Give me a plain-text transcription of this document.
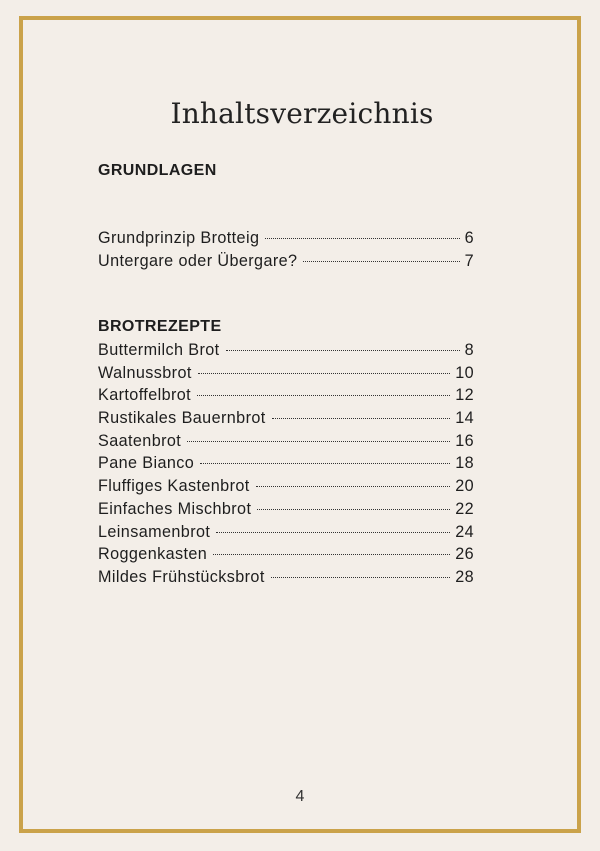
Inhaltsverzeichnis
GRUNDLAGEN
Grundprinzip Brotteig	6
Untergare oder Übergare?	7
BROTREZEPTE
Buttermilch Brot	8
Walnussbrot	10
Kartoffelbrot	12
Rustikales Bauernbrot	14
Saatenbrot	16
Pane Bianco	18
Fluffiges Kastenbrot	20
Einfaches Mischbrot	22
Leinsamenbrot	24
Roggenkasten	26
Mildes Frühstücksbrot	28
4
